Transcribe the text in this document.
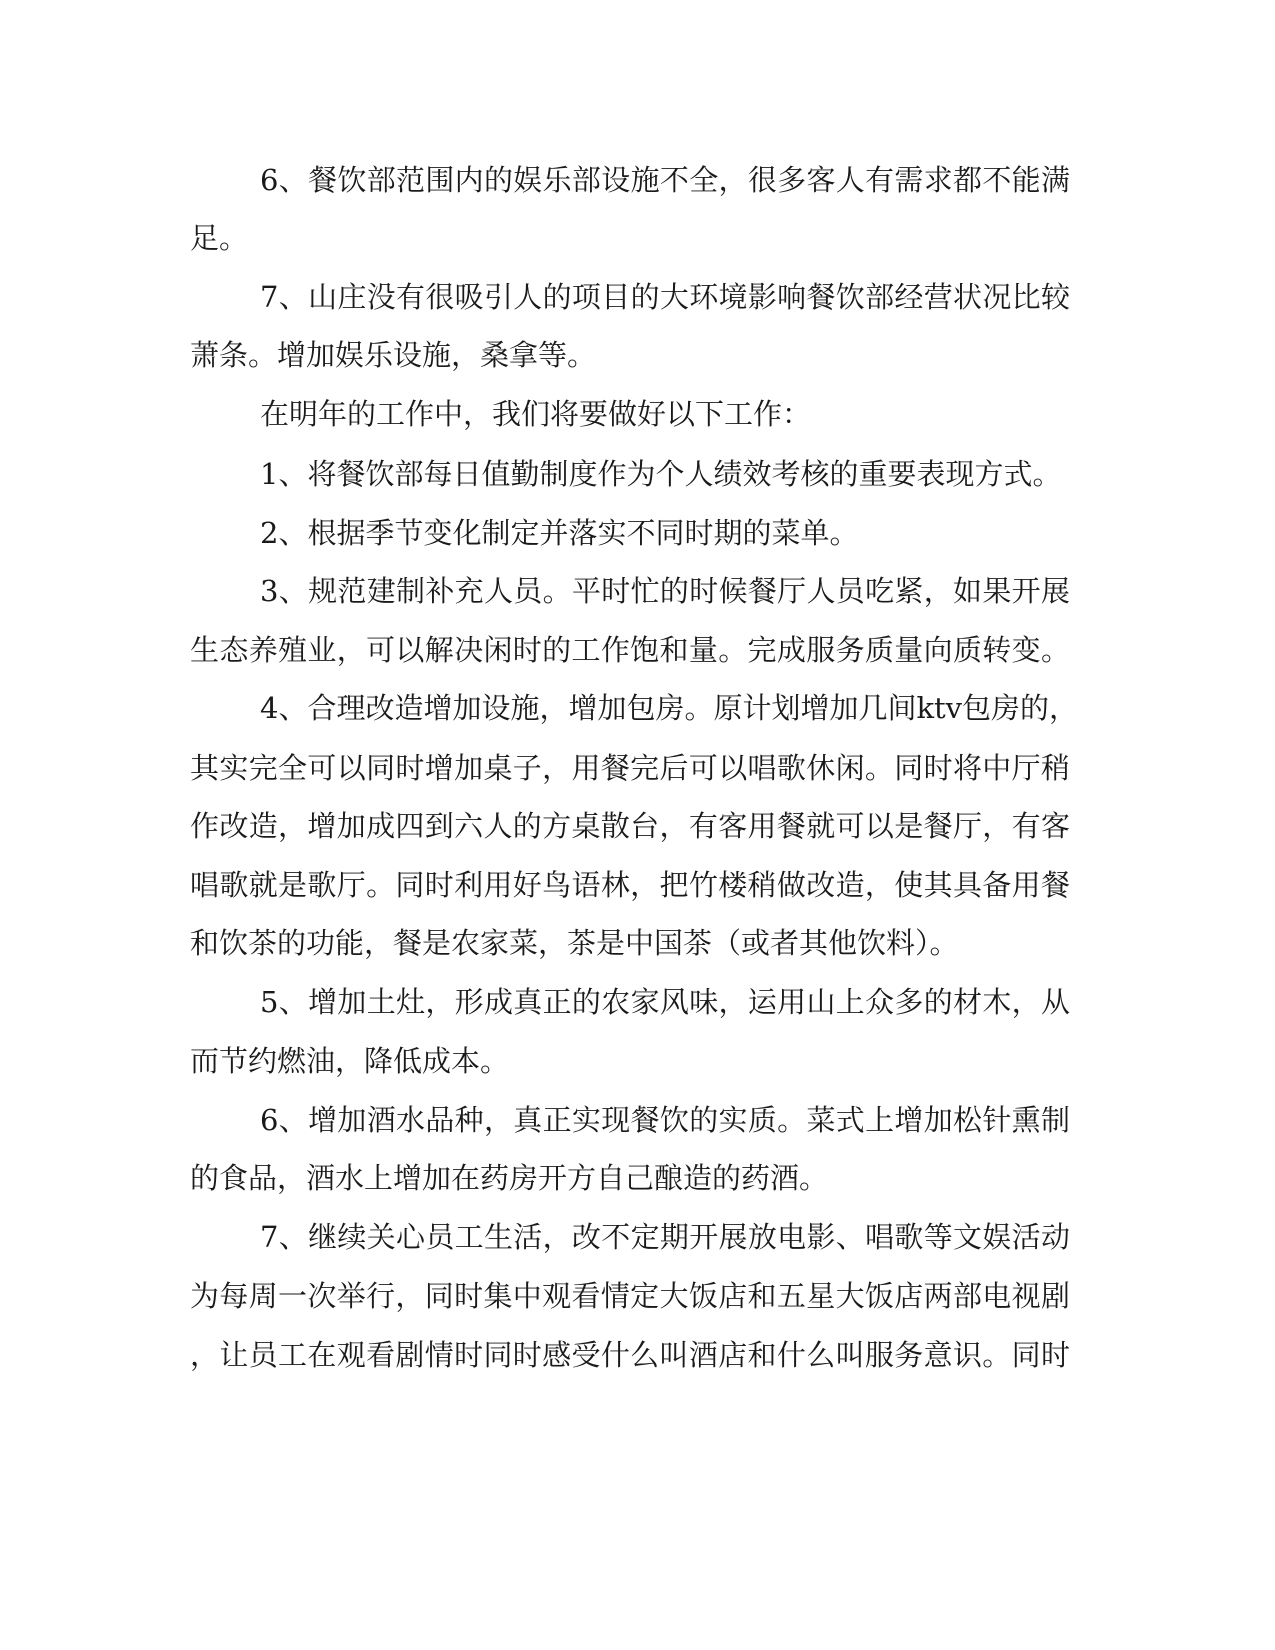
6、餐饮部范围内的娱乐部设施不全，很多客人有需求都不能满
足。
7、山庄没有很吸引人的项目的大环境影响餐饮部经营状况比较
萧条。增加娱乐设施，桑拿等。
在明年的工作中，我们将要做好以下工作：
1、将餐饮部每日值勤制度作为个人绩效考核的重要表现方式。
2、根据季节变化制定并落实不同时期的菜单。
3、规范建制补充人员。平时忙的时候餐厅人员吃紧，如果开展
生态养殖业，可以解决闲时的工作饱和量。完成服务质量向质转变。
4、合理改造增加设施，增加包房。原计划增加几间ktv包房的，
其实完全可以同时增加桌子，用餐完后可以唱歌休闲。同时将中厅稍
作改造，增加成四到六人的方桌散台，有客用餐就可以是餐厅，有客
唱歌就是歌厅。同时利用好鸟语林，把竹楼稍做改造，使其具备用餐
和饮茶的功能，餐是农家菜，茶是中国茶（或者其他饮料）。
5、增加土灶，形成真正的农家风味，运用山上众多的材木，从
而节约燃油，降低成本。
6、增加酒水品种，真正实现餐饮的实质。菜式上增加松针熏制
的食品，酒水上增加在药房开方自己酿造的药酒。
7、继续关心员工生活，改不定期开展放电影、唱歌等文娱活动
为每周一次举行，同时集中观看情定大饭店和五星大饭店两部电视剧
，让员工在观看剧情时同时感受什么叫酒店和什么叫服务意识。同时
